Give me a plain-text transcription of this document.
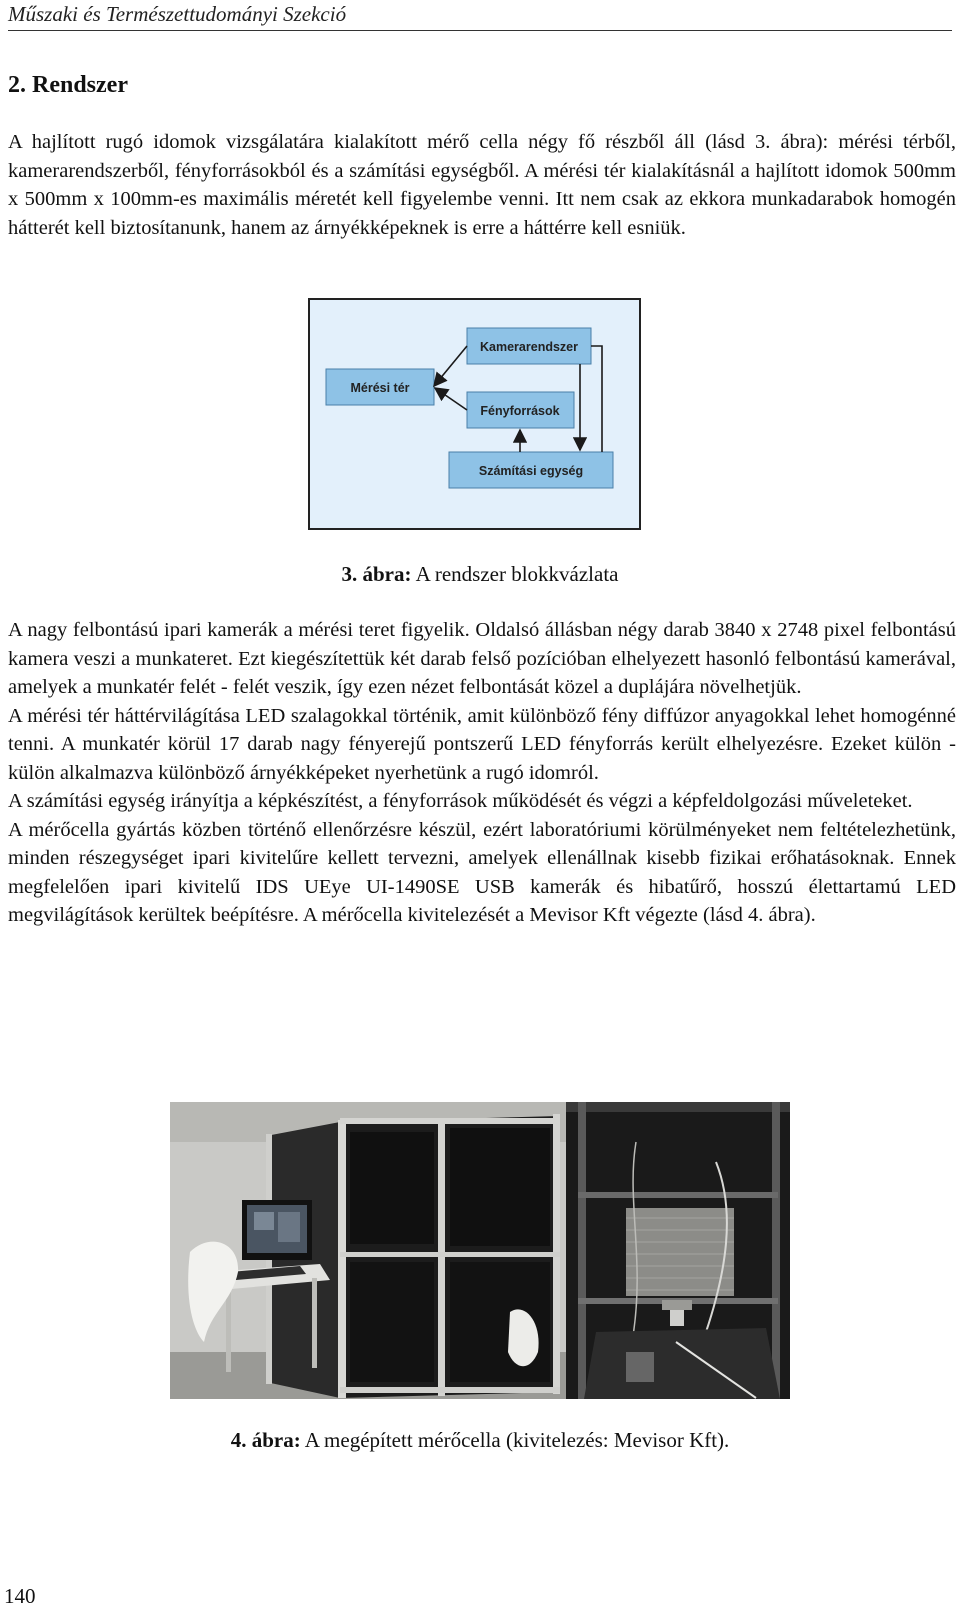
Műszaki és Természettudományi Szekció
2. Rendszer

A hajlított rugó idomok vizsgálatára kialakított mérő cella négy fő részből áll (lásd 3. ábra): mérési térből, kamerarendszerből, fényforrásokból és a számítási egységből. A mérési tér kialakításnál a hajlított idomok 500mm x 500mm x 100mm-es maximális méretét kell figyelembe venni. Itt nem csak az ekkora munkadarabok homogén hátterét kell biztosítanunk, hanem az árnyékképeknek is erre a háttérre kell esniük.

Kamerarendszer
Mérési tér
Fényforrások
Számítási egység
3. ábra: A rendszer blokkvázlata

A nagy felbontású ipari kamerák a mérési teret figyelik. Oldalsó állásban négy darab 3840 x 2748 pixel felbontású kamera veszi a munkateret. Ezt kiegészítettük két darab felső pozícióban elhelyezett hasonló felbontású kamerával, amelyek a munkatér felét - felét veszik, így ezen nézet felbontását közel a duplájára növelhetjük.

A mérési tér háttérvilágítása LED szalagokkal történik, amit különböző fény diffúzor anyagokkal lehet homogénné tenni. A munkatér körül 17 darab nagy fényerejű pontszerű LED fényforrás került elhelyezésre. Ezeket külön - külön alkalmazva különböző árnyékképeket nyerhetünk a rugó idomról.

A számítási egység irányítja a képkészítést, a fényforrások működését és végzi a képfeldolgozási műveleteket.

A mérőcella gyártás közben történő ellenőrzésre készül, ezért laboratóriumi körülményeket nem feltételezhetünk, minden részegységet ipari kivitelűre kellett tervezni, amelyek ellenállnak kisebb fizikai erőhatásoknak. Ennek megfelelően ipari kivitelű IDS UEye UI-1490SE USB kamerák és hibatűrő, hosszú élettartamú LED megvilágítások kerültek beépítésre. A mérőcella kivitelezését a Mevisor Kft végezte (lásd 4. ábra).

4. ábra: A megépített mérőcella (kivitelezés: Mevisor Kft).
140
